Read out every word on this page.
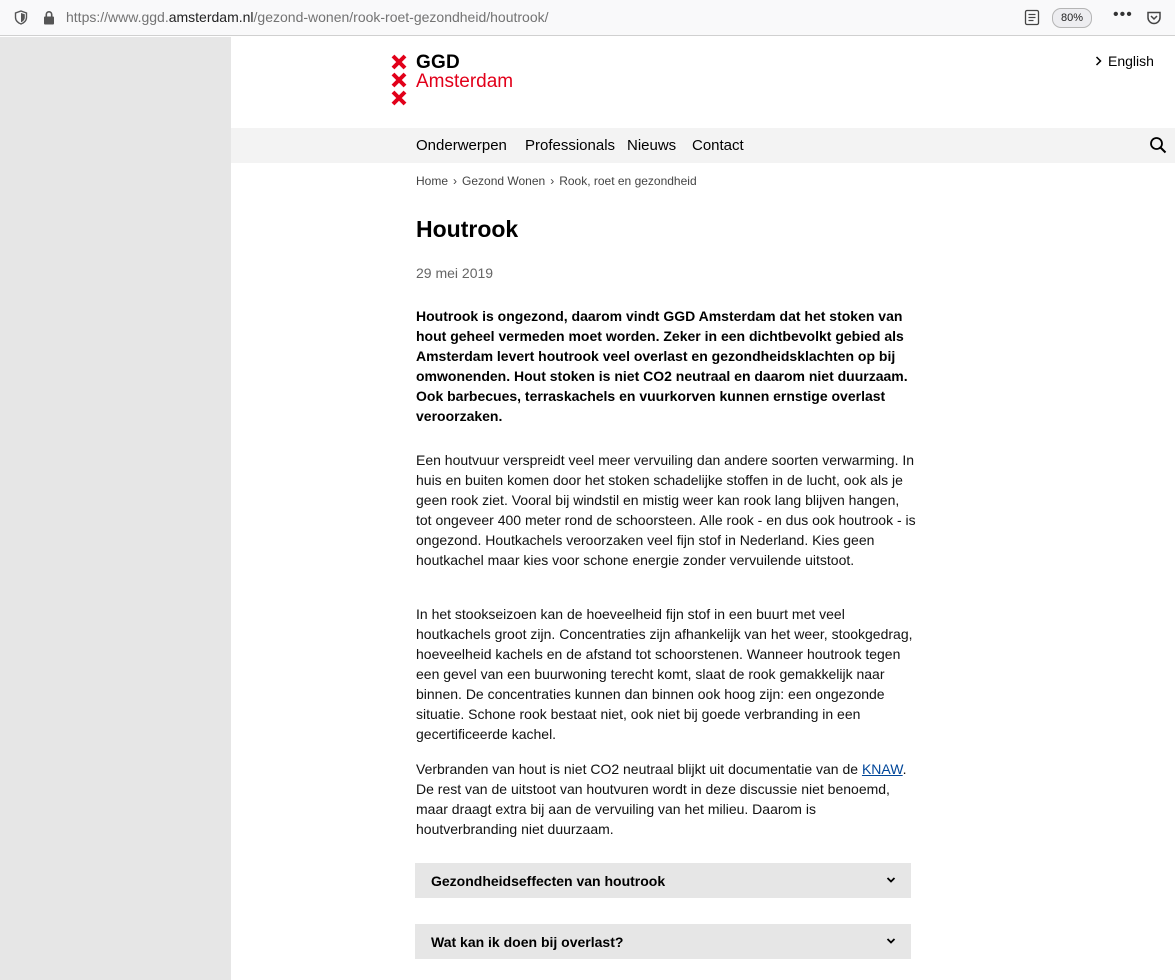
https://www.ggd.amsterdam.nl/gezond-wonen/rook-roet-gezondheid/houtrook/	80%	•••
GGD
Amsterdam
English
Onderwerpen Professionals Nieuws Contact
Home › Gezond Wonen › Rook, roet en gezondheid
Houtrook
29 mei 2019

Houtrook is ongezond, daarom vindt GGD Amsterdam dat het stoken van hout geheel vermeden moet worden. Zeker in een dichtbevolkt gebied als Amsterdam levert houtrook veel overlast en gezondheidsklachten op bij omwonenden. Hout stoken is niet CO2 neutraal en daarom niet duurzaam. Ook barbecues, terraskachels en vuurkorven kunnen ernstige overlast veroorzaken.

Een houtvuur verspreidt veel meer vervuiling dan andere soorten verwarming. In huis en buiten komen door het stoken schadelijke stoffen in de lucht, ook als je geen rook ziet. Vooral bij windstil en mistig weer kan rook lang blijven hangen, tot ongeveer 400 meter rond de schoorsteen. Alle rook - en dus ook houtrook - is ongezond. Houtkachels veroorzaken veel fijn stof in Nederland. Kies geen houtkachel maar kies voor schone energie zonder vervuilende uitstoot.

In het stookseizoen kan de hoeveelheid fijn stof in een buurt met veel houtkachels groot zijn. Concentraties zijn afhankelijk van het weer, stookgedrag, hoeveelheid kachels en de afstand tot schoorstenen. Wanneer houtrook tegen een gevel van een buurwoning terecht komt, slaat de rook gemakkelijk naar binnen. De concentraties kunnen dan binnen ook hoog zijn: een ongezonde situatie. Schone rook bestaat niet, ook niet bij goede verbranding in een gecertificeerde kachel.

Verbranden van hout is niet CO2 neutraal blijkt uit documentatie van de KNAW. De rest van de uitstoot van houtvuren wordt in deze discussie niet benoemd, maar draagt extra bij aan de vervuiling van het milieu. Daarom is houtverbranding niet duurzaam.

Gezondheidseffecten van houtrook
Wat kan ik doen bij overlast?
